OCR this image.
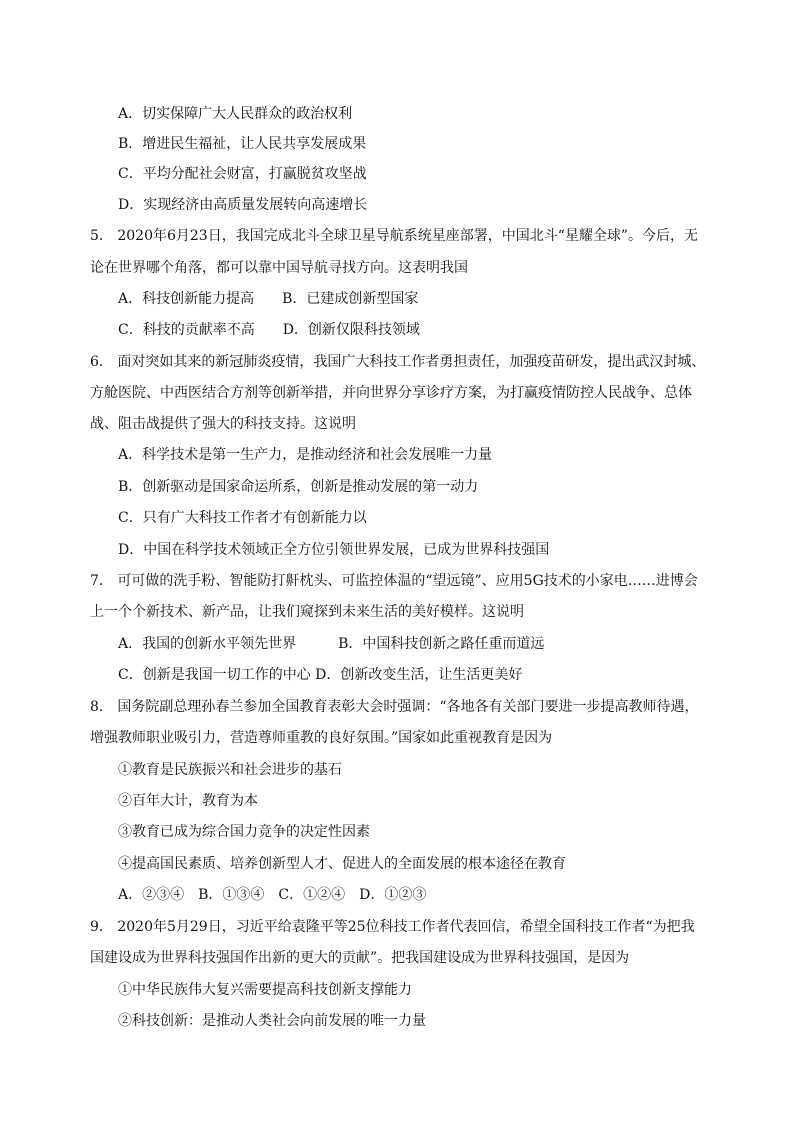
A．切实保障广大人民群众的政治权利
B．增进民生福祉，让人民共享发展成果
C．平均分配社会财富，打赢脱贫攻坚战
D．实现经济由高质量发展转向高速增长
5． 2020年6月23日，我国完成北斗全球卫星导航系统星座部署，中国北斗“星耀全球”。今后，无
论在世界哪个角落，都可以靠中国导航寻找方向。这表明我国
A．科技创新能力提高　　B．已建成创新型国家
C．科技的贡献率不高　　D．创新仅限科技领域
6． 面对突如其来的新冠肺炎疫情，我国广大科技工作者勇担责任，加强疫苗研发，提出武汉封城、
方舱医院、中西医结合方剂等创新举措，并向世界分享诊疗方案，为打赢疫情防控人民战争、总体
战、阻击战提供了强大的科技支持。这说明
A．科学技术是第一生产力，是推动经济和社会发展唯一力量
B．创新驱动是国家命运所系，创新是推动发展的第一动力
C．只有广大科技工作者才有创新能力以
D．中国在科学技术领域正全方位引领世界发展，已成为世界科技强国
7． 可可做的洗手粉、智能防打鼾枕头、可监控体温的“望远镜”、应用5G技术的小家电……进博会
上一个个新技术、新产品，让我们窥探到未来生活的美好模样。这说明
A．我国的创新水平领先世界　　　B．中国科技创新之路任重而道远
C．创新是我国一切工作的中心 D．创新改变生活，让生活更美好
8． 国务院副总理孙春兰参加全国教育表彰大会时强调：“各地各有关部门要进一步提高教师待遇，
增强教师职业吸引力，营造尊师重教的良好氛围。”国家如此重视教育是因为
①教育是民族振兴和社会进步的基石
②百年大计，教育为本
③教育已成为综合国力竞争的决定性因素
④提高国民素质、培养创新型人才、促进人的全面发展的根本途径在教育
A．②③④　B．①③④　C．①②④　D．①②③
9． 2020年5月29日，习近平给袁隆平等25位科技工作者代表回信，希望全国科技工作者“为把我
国建设成为世界科技强国作出新的更大的贡献”。把我国建设成为世界科技强国，是因为
①中华民族伟大复兴需要提高科技创新支撑能力
②科技创新：是推动人类社会向前发展的唯一力量
